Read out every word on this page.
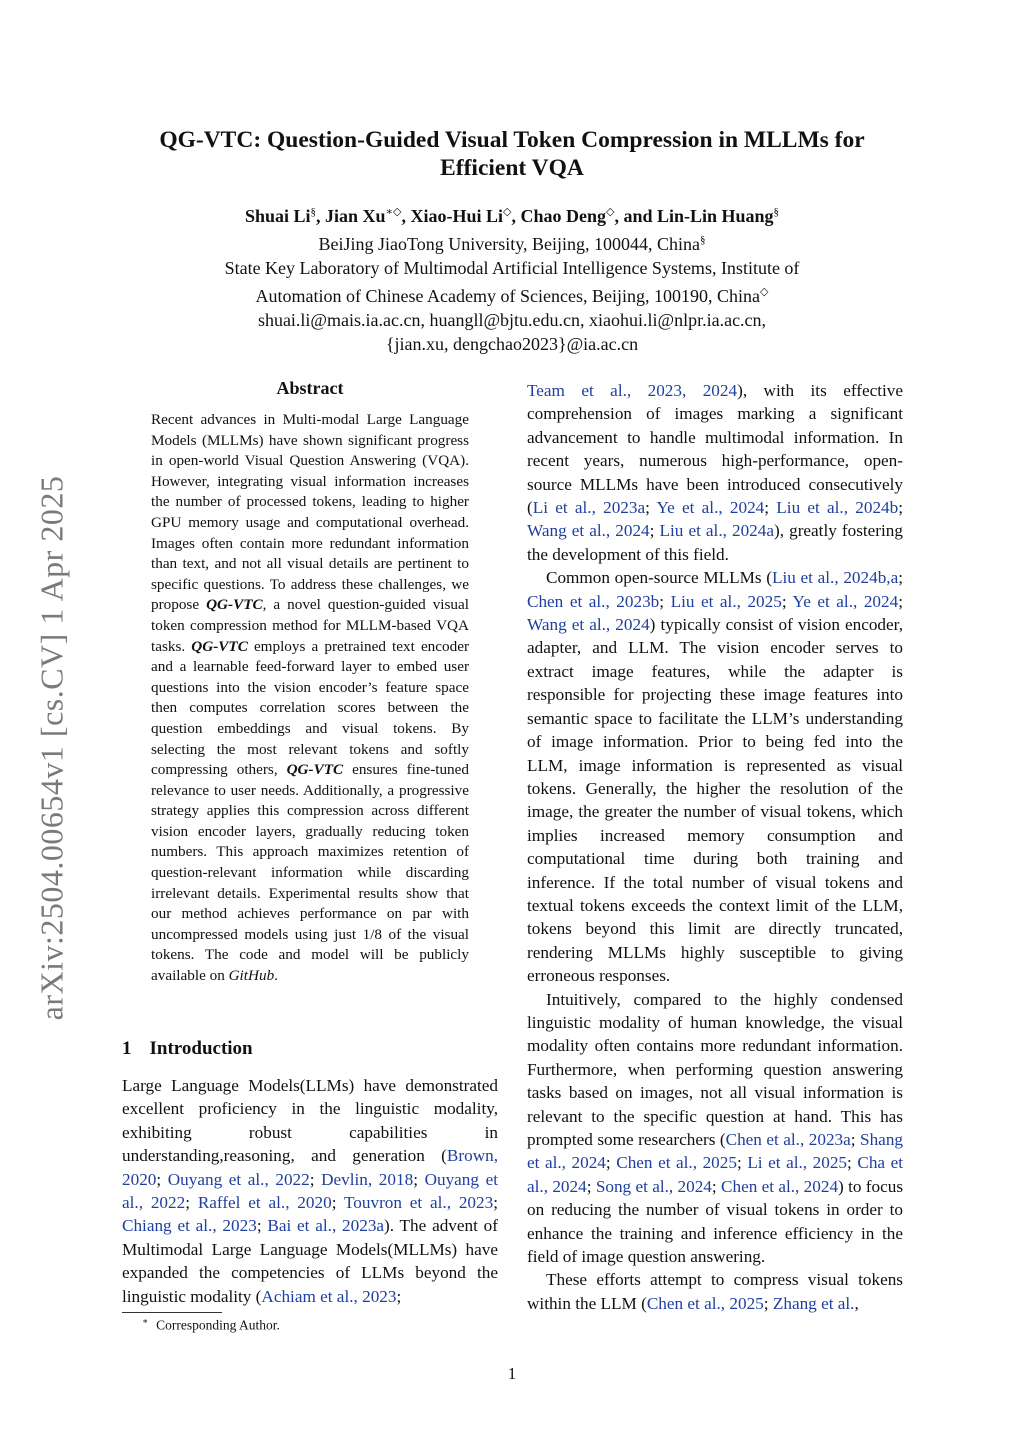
arXiv:2504.00654v1 [cs.CV] 1 Apr 2025
QG-VTC: Question-Guided Visual Token Compression in MLLMs for
Efficient VQA
Shuai Li§, Jian Xu∗◇, Xiao-Hui Li◇, Chao Deng◇, and Lin-Lin Huang§
BeiJing JiaoTong University, Beijing, 100044, China§
State Key Laboratory of Multimodal Artificial Intelligence Systems, Institute of
Automation of Chinese Academy of Sciences, Beijing, 100190, China◇
shuai.li@mais.ia.ac.cn, huangll@bjtu.edu.cn, xiaohui.li@nlpr.ia.ac.cn,
{jian.xu, dengchao2023}@ia.ac.cn
Abstract

Recent advances in Multi-modal Large Language Models (MLLMs) have shown significant progress in open-world Visual Question Answering (VQA). However, integrating visual information increases the number of processed tokens, leading to higher GPU memory usage and computational overhead. Images often contain more redundant information than text, and not all visual details are pertinent to specific questions. To address these challenges, we propose QG-VTC, a novel question-guided visual token compression method for MLLM-based VQA tasks. QG-VTC employs a pretrained text encoder and a learnable feed-forward layer to embed user questions into the vision encoder’s feature space then computes correlation scores between the question embeddings and visual tokens. By selecting the most relevant tokens and softly compressing others, QG-VTC ensures fine-tuned relevance to user needs. Additionally, a progressive strategy applies this compression across different vision encoder layers, gradually reducing token numbers. This approach maximizes retention of question-relevant information while discarding irrelevant details. Experimental results show that our method achieves performance on par with uncompressed models using just 1/8 of the visual tokens. The code and model will be publicly available on GitHub.

1 Introduction

Large Language Models(LLMs) have demonstrated excellent proficiency in the linguistic modality, exhibiting robust capabilities in understanding,reasoning, and generation (Brown, 2020; Ouyang et al., 2022; Devlin, 2018; Ouyang et al., 2022; Raffel et al., 2020; Touvron et al., 2023; Chiang et al., 2023; Bai et al., 2023a). The advent of Multimodal Large Language Models(MLLMs) have expanded the competencies of LLMs beyond the linguistic modality (Achiam et al., 2023;

Team et al., 2023, 2024), with its effective comprehension of images marking a significant advancement to handle multimodal information. In recent years, numerous high-performance, open-source MLLMs have been introduced consecutively (Li et al., 2023a; Ye et al., 2024; Liu et al., 2024b; Wang et al., 2024; Liu et al., 2024a), greatly fostering the development of this field.

Common open-source MLLMs (Liu et al., 2024b,a; Chen et al., 2023b; Liu et al., 2025; Ye et al., 2024; Wang et al., 2024) typically consist of vision encoder, adapter, and LLM. The vision encoder serves to extract image features, while the adapter is responsible for projecting these image features into semantic space to facilitate the LLM’s understanding of image information. Prior to being fed into the LLM, image information is represented as visual tokens. Generally, the higher the resolution of the image, the greater the number of visual tokens, which implies increased memory consumption and computational time during both training and inference. If the total number of visual tokens and textual tokens exceeds the context limit of the LLM, tokens beyond this limit are directly truncated, rendering MLLMs highly susceptible to giving erroneous responses.

Intuitively, compared to the highly condensed linguistic modality of human knowledge, the visual modality often contains more redundant information. Furthermore, when performing question answering tasks based on images, not all visual information is relevant to the specific question at hand. This has prompted some researchers (Chen et al., 2023a; Shang et al., 2024; Chen et al., 2025; Li et al., 2025; Cha et al., 2024; Song et al., 2024; Chen et al., 2024) to focus on reducing the number of visual tokens in order to enhance the training and inference efficiency in the field of image question answering.

These efforts attempt to compress visual tokens within the LLM (Chen et al., 2025; Zhang et al.,

∗ Corresponding Author.
1
